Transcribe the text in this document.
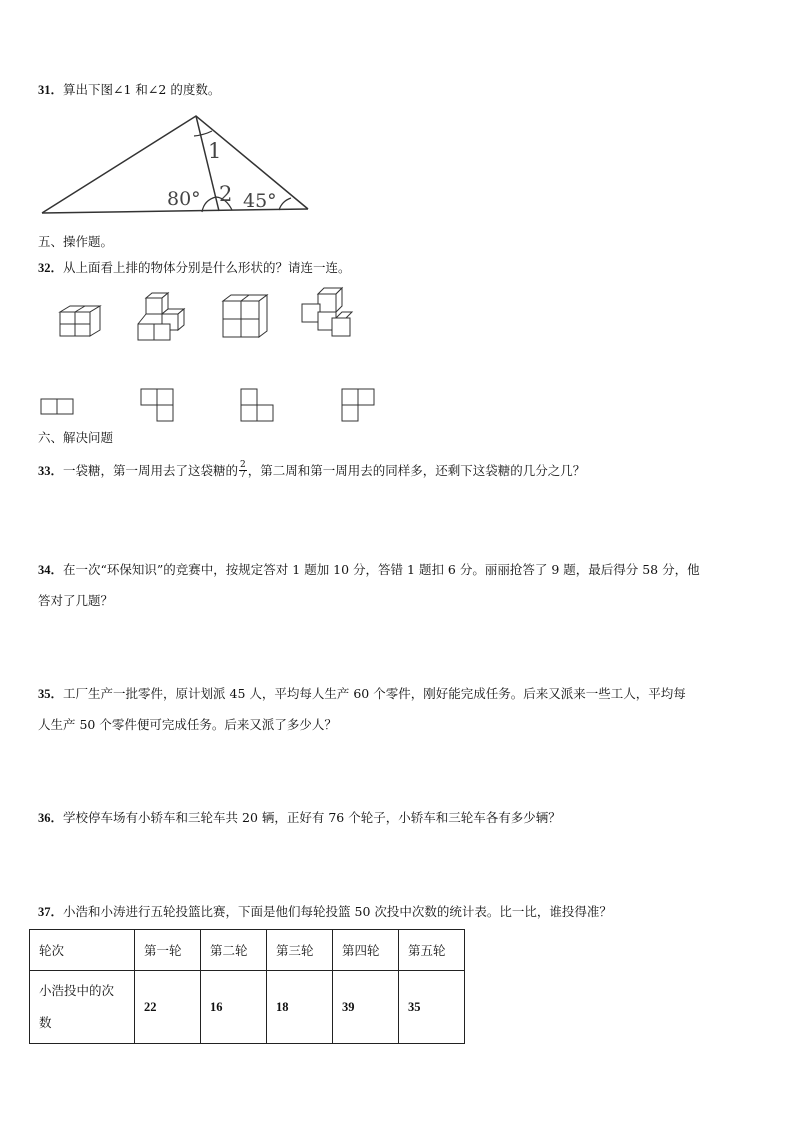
31．算出下图∠1 和∠2 的度数。
1
2
80° 45°
五、操作题。
32．从上面看上排的物体分别是什么形状的？请连一连。
六、解决问题
33．一袋糖，第一周用去了这袋糖的 $\frac{2}{7}$ ，第二周和第一周用去的同样多，还剩下这袋糖的几分之几？
34．在一次“环保知识”的竞赛中，按规定答对 1 题加 10 分，答错 1 题扣 6 分。丽丽抢答了 9 题，最后得分 58 分，他
答对了几题？
35．工厂生产一批零件，原计划派 45 人，平均每人生产 60 个零件，刚好能完成任务。后来又派来一些工人，平均每
人生产 50 个零件便可完成任务。后来又派了多少人？
36．学校停车场有小轿车和三轮车共 20 辆，正好有 76 个轮子，小轿车和三轮车各有多少辆？
37．小浩和小涛进行五轮投篮比赛，下面是他们每轮投篮 50 次投中次数的统计表。比一比，谁投得准？
轮次	第一轮	第二轮	第三轮	第四轮	第五轮
小浩投中的次
数	22	16	18	39	35
